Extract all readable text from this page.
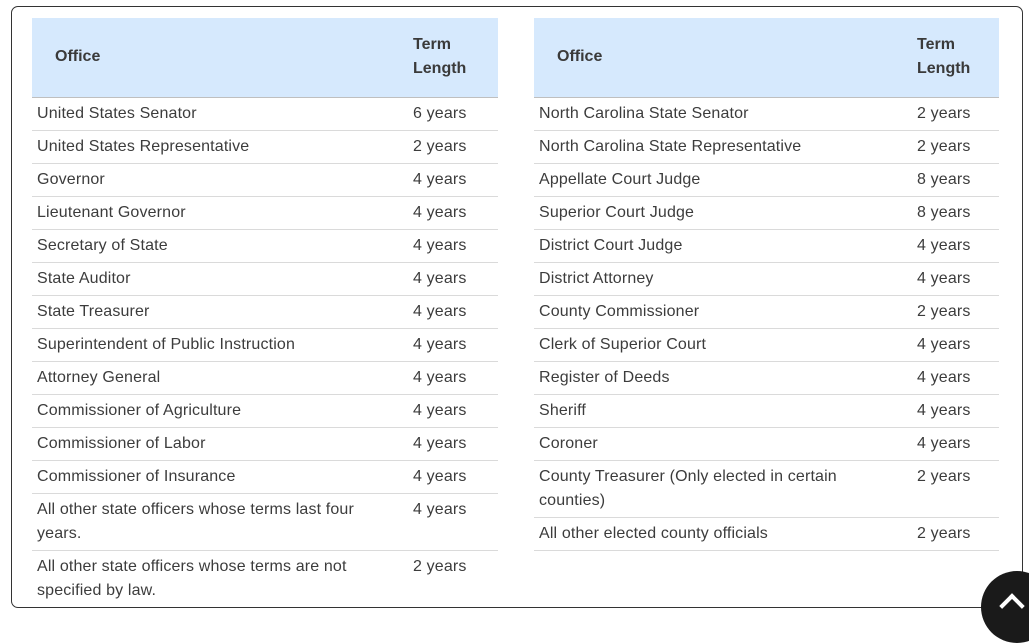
Office	Term Length
United States Senator	6 years
United States Representative	2 years
Governor	4 years
Lieutenant Governor	4 years
Secretary of State	4 years
State Auditor	4 years
State Treasurer	4 years
Superintendent of Public Instruction	4 years
Attorney General	4 years
Commissioner of Agriculture	4 years
Commissioner of Labor	4 years
Commissioner of Insurance	4 years
All other state officers whose terms last four years.	4 years
All other state officers whose terms are not specified by law.	2 years
Office	Term Length
North Carolina State Senator	2 years
North Carolina State Representative	2 years
Appellate Court Judge	8 years
Superior Court Judge	8 years
District Court Judge	4 years
District Attorney	4 years
County Commissioner	2 years
Clerk of Superior Court	4 years
Register of Deeds	4 years
Sheriff	4 years
Coroner	4 years
County Treasurer (Only elected in certain counties)	2 years
All other elected county officials	2 years
